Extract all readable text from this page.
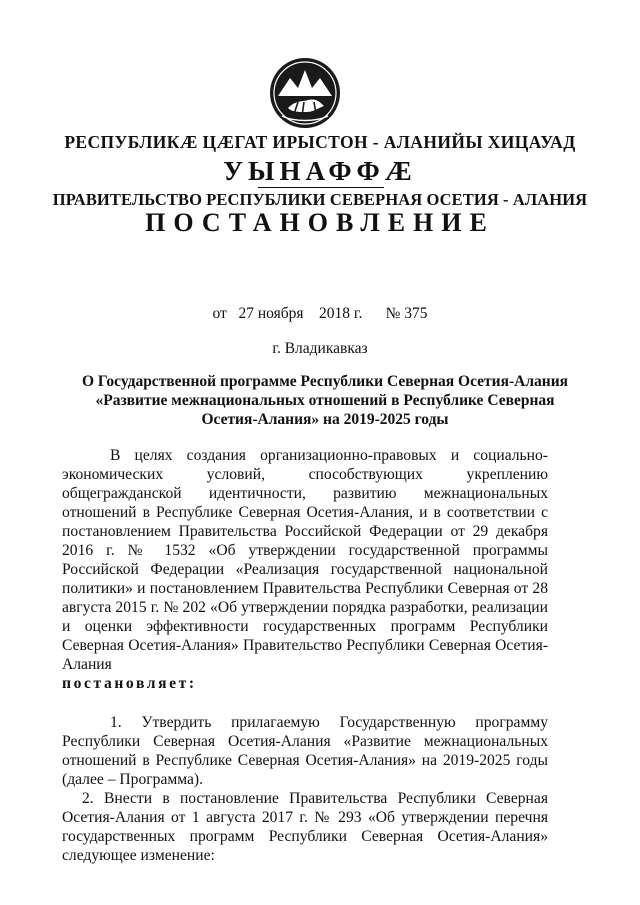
РЕСПУБЛИКÆ ЦÆГАТ ИРЫСТОН - АЛАНИЙЫ ХИЦАУАД
УЫНАФФÆ
ПРАВИТЕЛЬСТВО РЕСПУБЛИКИ СЕВЕРНАЯ ОСЕТИЯ - АЛАНИЯ
ПОСТАНОВЛЕНИЕ
от   27 ноября    2018 г.      № 375
г. Владикавказ
О Государственной программе Республики Северная Осетия-Алания «Развитие межнациональных отношений в Республике Северная Осетия-Алания» на 2019-2025 годы

В целях создания организационно-правовых и социально-экономических условий, способствующих укреплению общегражданской идентичности, развитию межнациональных отношений в Республике Северная Осетия-Алания, и в соответствии с постановлением Правительства Российской Федерации от 29 декабря 2016 г. № 1532 «Об утверждении государственной программы Российской Федерации «Реализация государственной национальной политики» и постановлением Правительства Республики Северная от 28 августа 2015 г. № 202 «Об утверждении порядка разработки, реализации и оценки эффективности государственных программ Республики Северная Осетия-Алания» Правительство Республики Северная Осетия-Алания

постановляет:

1. Утвердить прилагаемую Государственную программу Республики Северная Осетия-Алания «Развитие межнациональных отношений в Республике Северная Осетия-Алания» на 2019-2025 годы (далее – Программа).

2. Внести в постановление Правительства Республики Северная Осетия-Алания от 1 августа 2017 г. № 293 «Об утверждении перечня государственных программ Республики Северная Осетия-Алания» следующее изменение:
